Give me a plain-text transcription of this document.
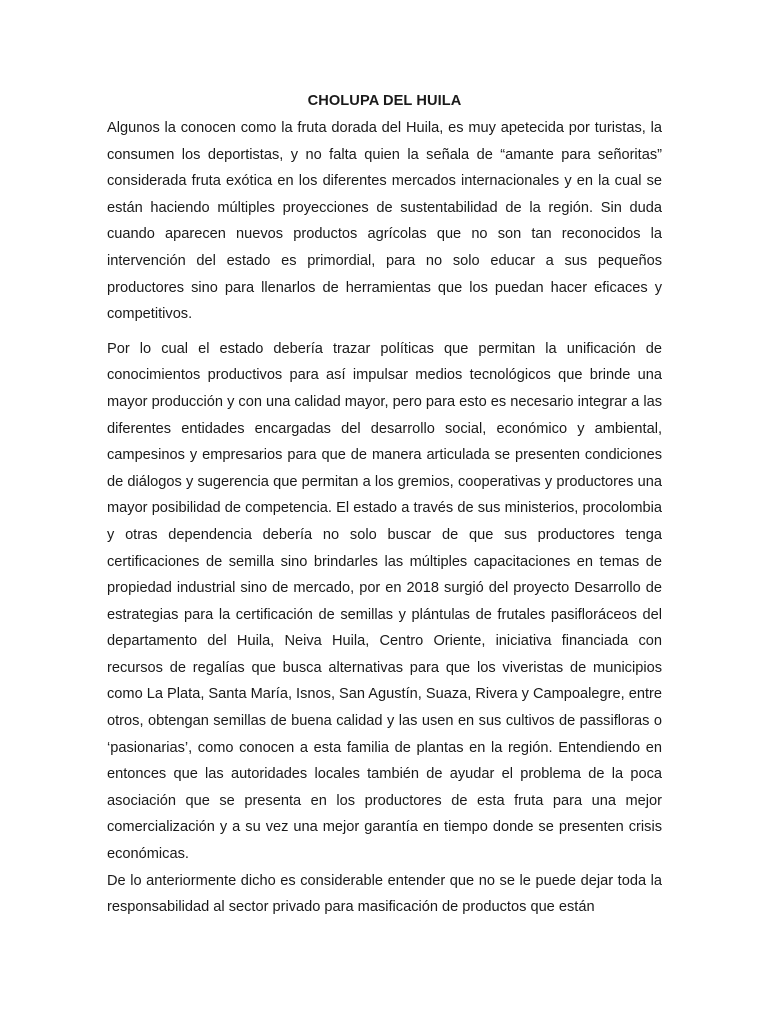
CHOLUPA DEL HUILA

Algunos la conocen como la fruta dorada del Huila, es muy apetecida por turistas, la consumen los deportistas, y no falta quien la señala de “amante para señoritas” considerada fruta exótica en los diferentes mercados internacionales y en la cual se están haciendo múltiples proyecciones de sustentabilidad de la región. Sin duda cuando aparecen nuevos productos agrícolas que no son tan reconocidos la intervención del estado es primordial, para no solo educar a sus pequeños productores sino para llenarlos de herramientas que los puedan hacer eficaces y competitivos.

Por lo cual el estado debería trazar políticas que permitan la unificación de conocimientos productivos para así impulsar medios tecnológicos que brinde una mayor producción y con una calidad mayor, pero para esto es necesario integrar a las diferentes entidades encargadas del desarrollo social, económico y ambiental, campesinos y empresarios para que de manera articulada se presenten condiciones de diálogos y sugerencia que permitan a los gremios, cooperativas y productores una mayor posibilidad de competencia. El estado a través de sus ministerios, procolombia y otras dependencia debería no solo buscar de que sus productores tenga certificaciones de semilla sino brindarles las múltiples capacitaciones en temas de propiedad industrial sino de mercado, por en 2018 surgió del proyecto Desarrollo de estrategias para la certificación de semillas y plántulas de frutales pasifloráceos del departamento del Huila, Neiva Huila, Centro Oriente, iniciativa financiada con recursos de regalías que busca alternativas para que los viveristas de municipios como La Plata, Santa María, Isnos, San Agustín, Suaza, Rivera y Campoalegre, entre otros, obtengan semillas de buena calidad y las usen en sus cultivos de passifloras o ‘pasionarias’, como conocen a esta familia de plantas en la región. Entendiendo en entonces que las autoridades locales también de ayudar el problema de la poca asociación que se presenta en los productores de esta fruta para una mejor comercialización y a su vez una mejor garantía en tiempo donde se presenten crisis económicas.

De lo anteriormente dicho es considerable entender que no se le puede dejar toda la responsabilidad al sector privado para masificación de productos que están
